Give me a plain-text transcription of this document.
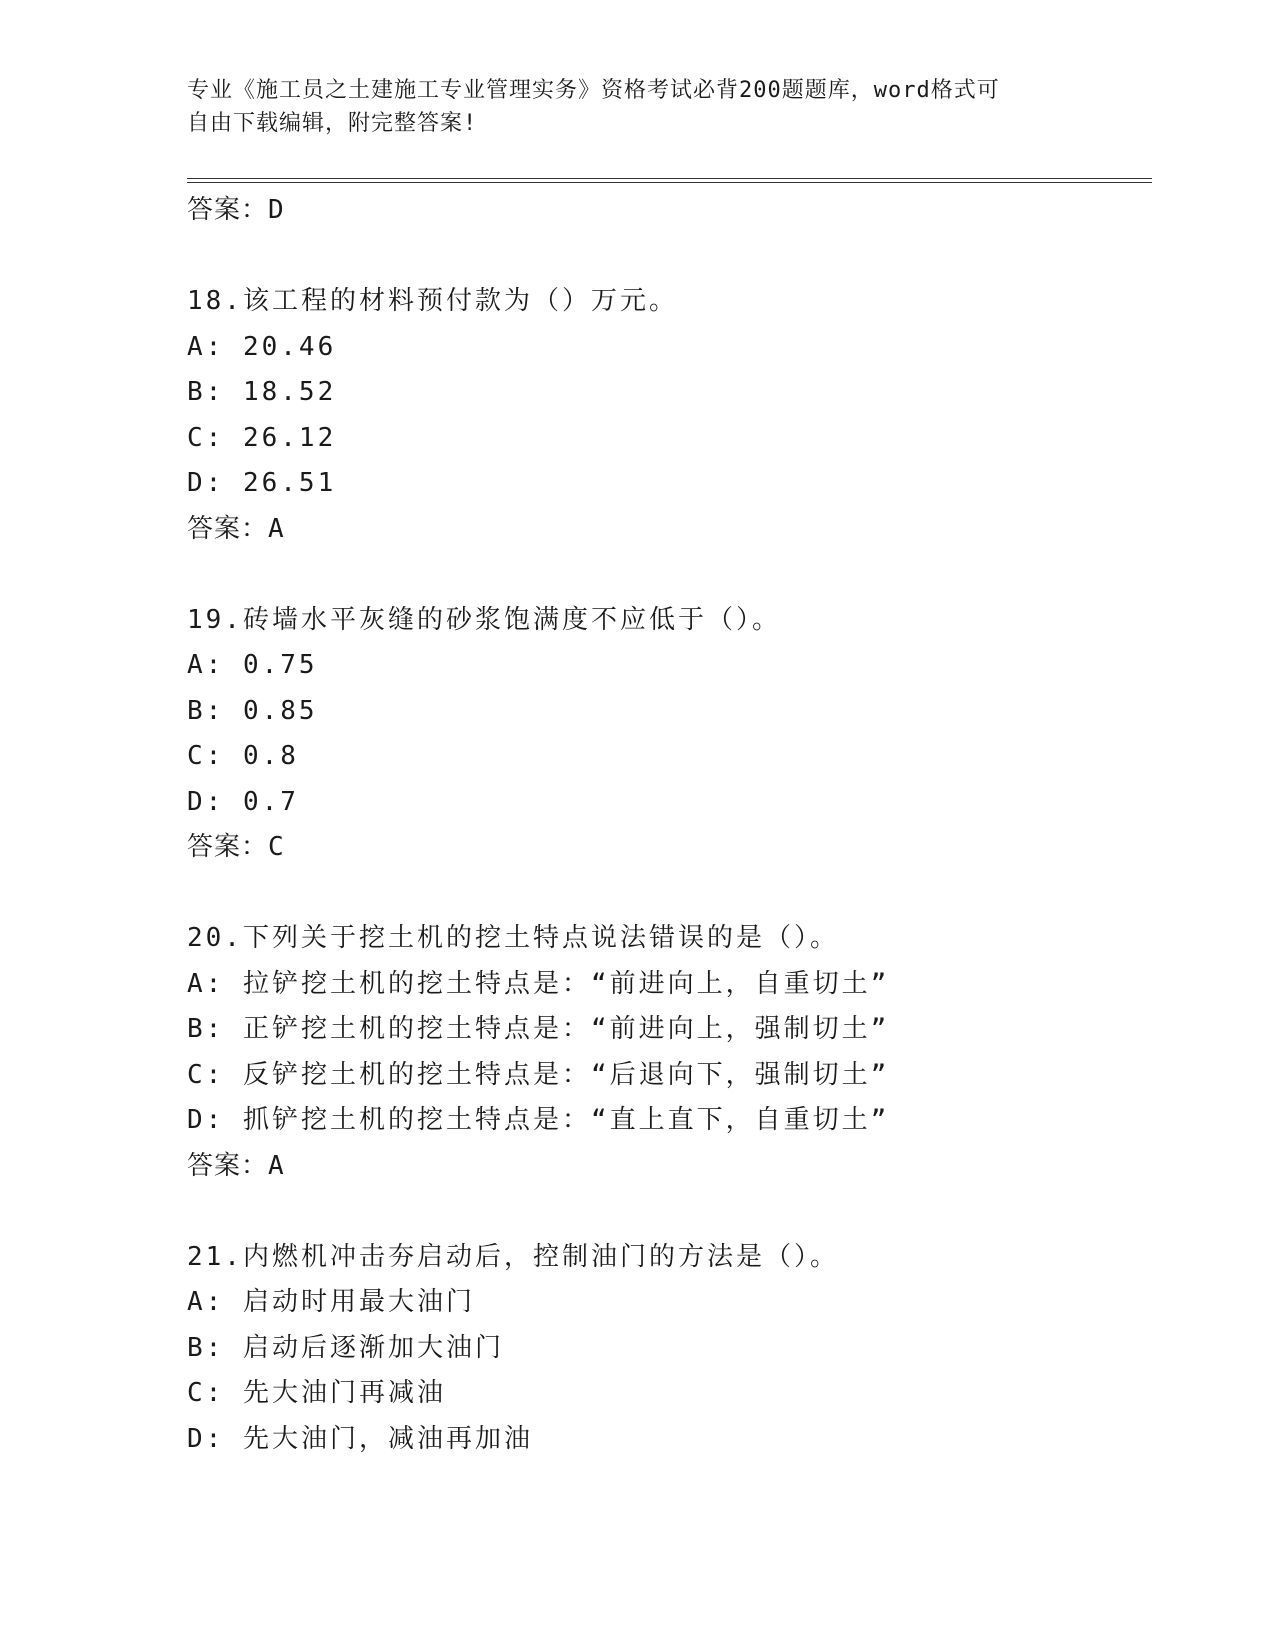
专业《施工员之土建施工专业管理实务》资格考试必背200题题库，word格式可
自由下载编辑，附完整答案!
答案：D
18.该工程的材料预付款为（）万元。
A: 20.46
B: 18.52
C: 26.12
D: 26.51
答案：A
19.砖墙水平灰缝的砂浆饱满度不应低于（）。
A: 0.75
B: 0.85
C: 0.8
D: 0.7
答案：C
20.下列关于挖土机的挖土特点说法错误的是（）。
A: 拉铲挖土机的挖土特点是：“前进向上，自重切土”
B: 正铲挖土机的挖土特点是：“前进向上，强制切土”
C: 反铲挖土机的挖土特点是：“后退向下，强制切土”
D: 抓铲挖土机的挖土特点是：“直上直下，自重切土”
答案：A
21.内燃机冲击夯启动后，控制油门的方法是（）。
A: 启动时用最大油门
B: 启动后逐渐加大油门
C: 先大油门再减油
D: 先大油门，减油再加油
